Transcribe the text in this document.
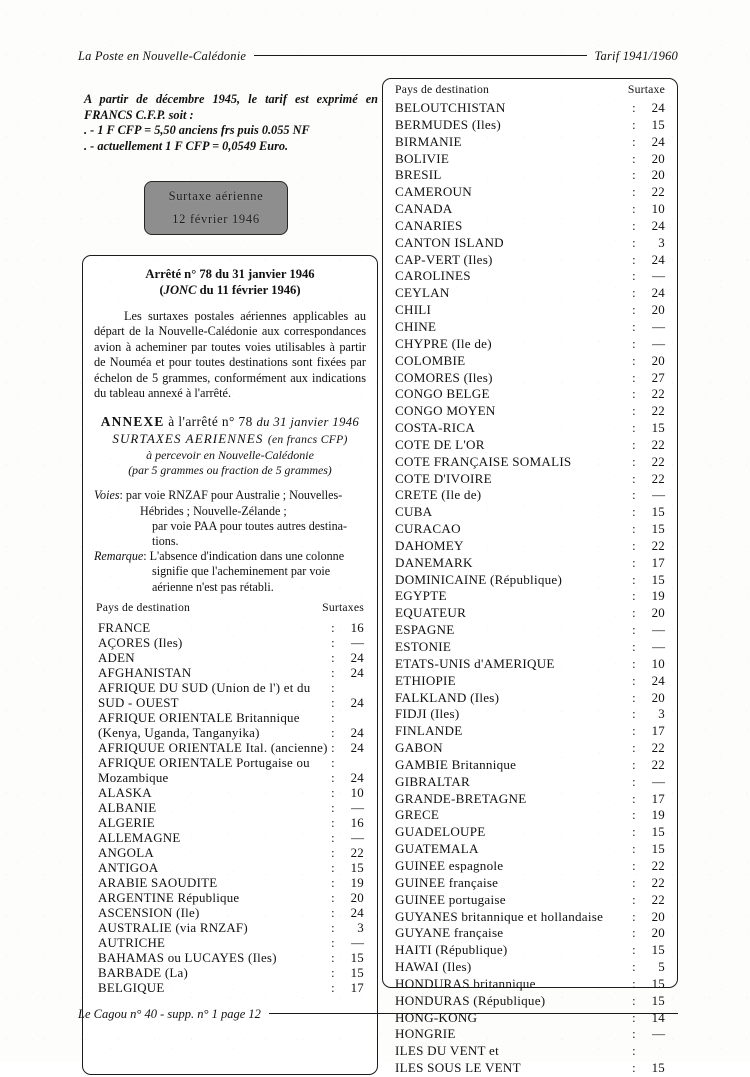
La Poste en Nouvelle-Calédonie	Tarif 1941/1960
A partir de décembre 1945, le tarif est exprimé en FRANCS C.F.P. soit :
. - 1 F CFP = 5,50 anciens frs puis 0.055 NF
. - actuellement 1 F CFP = 0,0549 Euro.
Surtaxe aérienne
12 février 1946
Arrêté n° 78 du 31 janvier 1946
(JONC du 11 février 1946)
Les surtaxes postales aériennes applicables au départ de la Nouvelle-Calédonie aux correspondances avion à acheminer par toutes voies utilisables à partir de Nouméa et pour toutes destinations sont fixées par échelon de 5 grammes, conformément aux indications du tableau annexé à l'arrêté.
ANNEXE à l'arrêté n° 78 du 31 janvier 1946
SURTAXES AERIENNES (en francs CFP)
à percevoir en Nouvelle-Calédonie
(par 5 grammes ou fraction de 5 grammes)
Voies : par voie RNZAF pour Australie ; Nouvelles-
Hébrides ; Nouvelle-Zélande ;
par voie PAA pour toutes autres destina-
tions.
Remarque : L'absence d'indication dans une colonne
signifie que l'acheminement par voie
aérienne n'est pas rétabli.
Pays de destination	Surtaxes
FRANCE	:	16
AÇORES (Iles)	:	—
ADEN	:	24
AFGHANISTAN	:	24
AFRIQUE DU SUD (Union de l') et du	:
SUD - OUEST	:	24
AFRIQUE ORIENTALE Britannique	:
(Kenya, Uganda, Tanganyika)	:	24
AFRIQUUE ORIENTALE Ital. (ancienne) :	24
AFRIQUE ORIENTALE Portugaise ou	:
Mozambique	:	24
ALASKA	:	10
ALBANIE	:	—
ALGERIE	:	16
ALLEMAGNE	:	—
ANGOLA	:	22
ANTIGOA	:	15
ARABIE SAOUDITE	:	19
ARGENTINE République	:	20
ASCENSION (Ile)	:	24
AUSTRALIE (via RNZAF)	:	3
AUTRICHE	:	—
BAHAMAS ou LUCAYES (Iles)	:	15
BARBADE (La)	:	15
BELGIQUE	:	17
Pays de destination	Surtaxe
BELOUTCHISTAN	:	24
BERMUDES (Iles)	:	15
BIRMANIE	:	24
BOLIVIE	:	20
BRESIL	:	20
CAMEROUN	:	22
CANADA	:	10
CANARIES	:	24
CANTON ISLAND	:	3
CAP-VERT (Iles)	:	24
CAROLINES	:	—
CEYLAN	:	24
CHILI	:	20
CHINE	:	—
CHYPRE (Ile de)	:	—
COLOMBIE	:	20
COMORES (Iles)	:	27
CONGO BELGE	:	22
CONGO MOYEN	:	22
COSTA-RICA	:	15
COTE DE L'OR	:	22
COTE FRANÇAISE SOMALIS	:	22
COTE D'IVOIRE	:	22
CRETE (Ile de)	:	—
CUBA	:	15
CURACAO	:	15
DAHOMEY	:	22
DANEMARK	:	17
DOMINICAINE (République)	:	15
EGYPTE	:	19
EQUATEUR	:	20
ESPAGNE	:	—
ESTONIE	:	—
ETATS-UNIS d'AMERIQUE	:	10
ETHIOPIE	:	24
FALKLAND (Iles)	:	20
FIDJI (Iles)	:	3
FINLANDE	:	17
GABON	:	22
GAMBIE Britannique	:	22
GIBRALTAR	:	—
GRANDE-BRETAGNE	:	17
GRECE	:	19
GUADELOUPE	:	15
GUATEMALA	:	15
GUINEE espagnole	:	22
GUINEE française	:	22
GUINEE portugaise	:	22
GUYANES britannique et hollandaise	:	20
GUYANE française	:	20
HAITI (République)	:	15
HAWAI (Iles)	:	5
HONDURAS britannique	:	15
HONDURAS (République)	:	15
HONG-KONG	:	14
HONGRIE	:	—
ILES DU VENT et	:
ILES SOUS LE VENT	:	15
Le Cagou n° 40 - supp. n° 1 page 12
